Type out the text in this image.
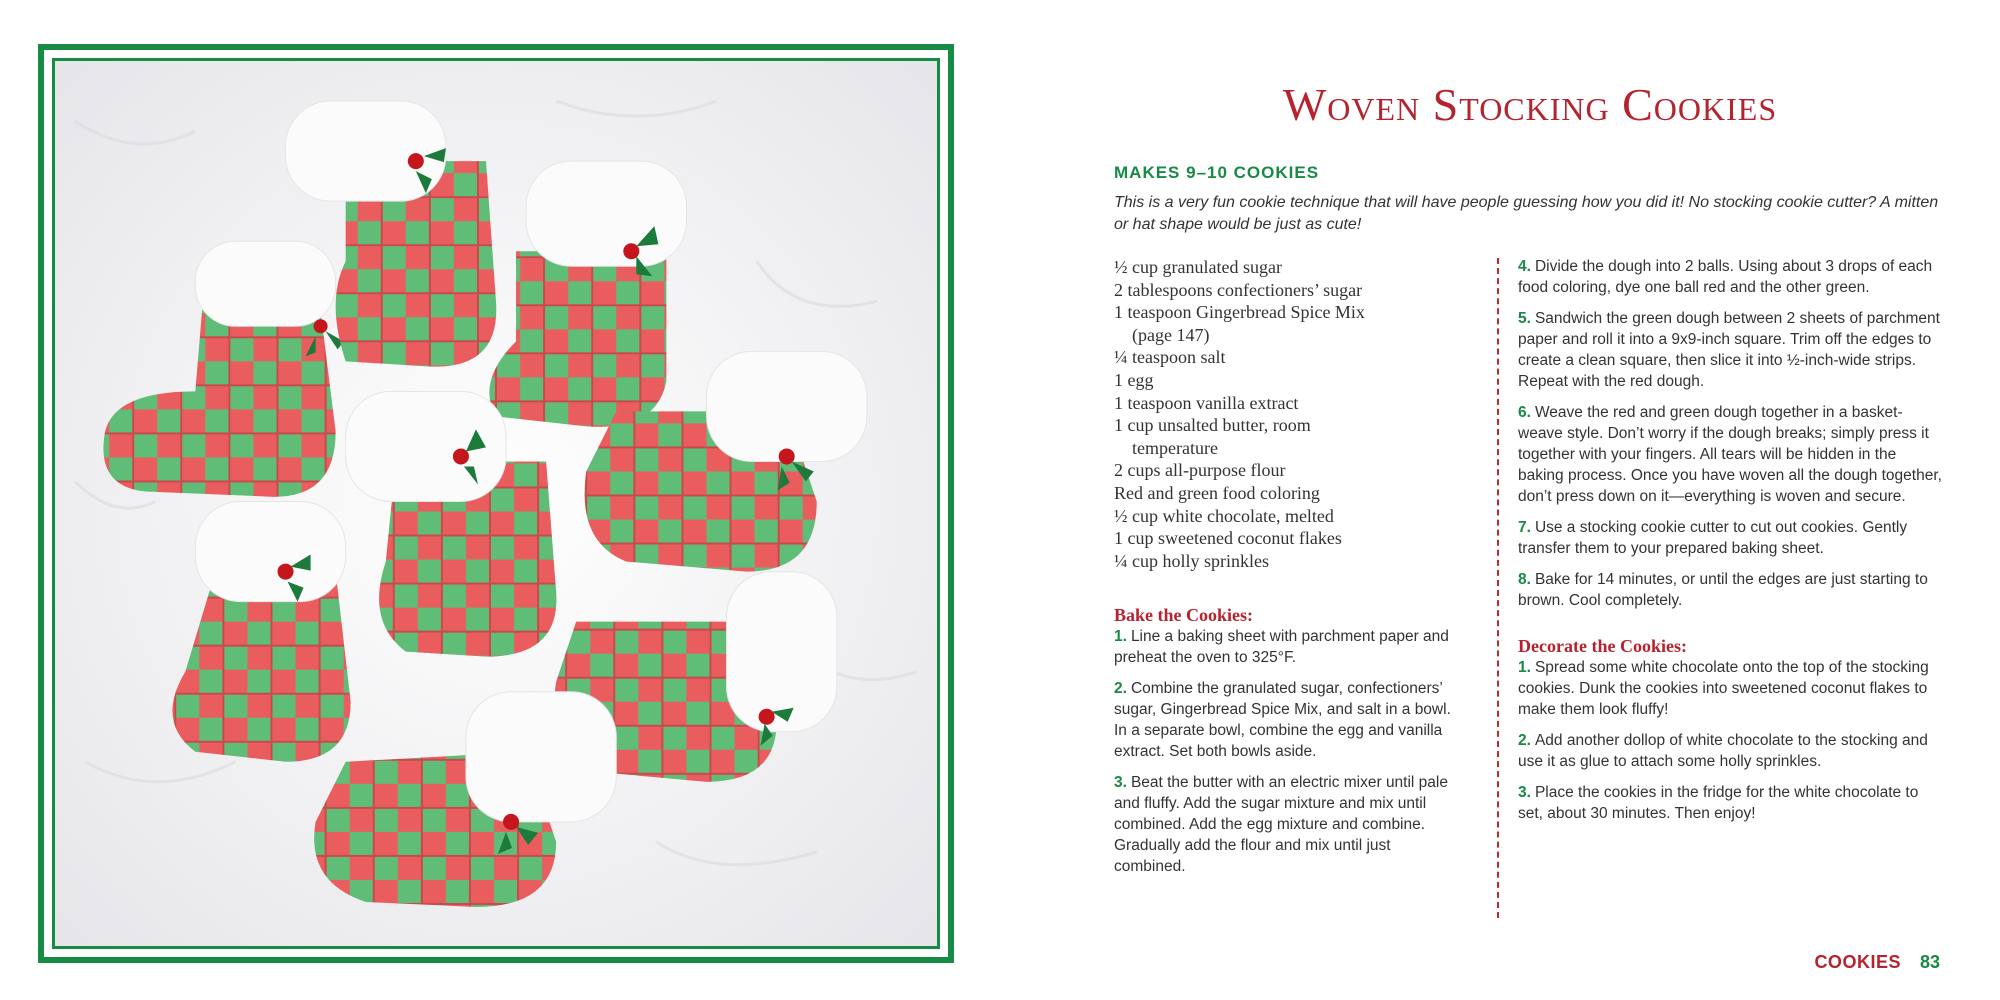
Woven Stocking Cookies
MAKES 9–10 COOKIES
This is a very fun cookie technique that will have people guessing how you did it! No stocking cookie cutter? A mitten or hat shape would be just as cute!
½ cup granulated sugar
2 tablespoons confectioners’ sugar
1 teaspoon Gingerbread Spice Mix
(page 147)
¼ teaspoon salt
1 egg
1 teaspoon vanilla extract
1 cup unsalted butter, room
temperature
2 cups all-purpose flour
Red and green food coloring
½ cup white chocolate, melted
1 cup sweetened coconut flakes
¼ cup holly sprinkles
Bake the Cookies:
1. Line a baking sheet with parchment paper and preheat the oven to 325°F.
2. Combine the granulated sugar, confectioners’ sugar, Gingerbread Spice Mix, and salt in a bowl. In a separate bowl, combine the egg and vanilla extract. Set both bowls aside.
3. Beat the butter with an electric mixer until pale and fluffy. Add the sugar mixture and mix until combined. Add the egg mixture and combine. Gradually add the flour and mix until just combined.
4. Divide the dough into 2 balls. Using about 3 drops of each food coloring, dye one ball red and the other green.
5. Sandwich the green dough between 2 sheets of parchment paper and roll it into a 9x9-inch square. Trim off the edges to create a clean square, then slice it into ½-inch-wide strips. Repeat with the red dough.
6. Weave the red and green dough together in a basket-weave style. Don’t worry if the dough breaks; simply press it together with your fingers. All tears will be hidden in the baking process. Once you have woven all the dough together, don’t press down on it—everything is woven and secure.
7. Use a stocking cookie cutter to cut out cookies. Gently transfer them to your prepared baking sheet.
8. Bake for 14 minutes, or until the edges are just starting to brown. Cool completely.
Decorate the Cookies:
1. Spread some white chocolate onto the top of the stocking cookies. Dunk the cookies into sweetened coconut flakes to make them look fluffy!
2. Add another dollop of white chocolate to the stocking and use it as glue to attach some holly sprinkles.
3. Place the cookies in the fridge for the white chocolate to set, about 30 minutes. Then enjoy!
COOKIES 83
